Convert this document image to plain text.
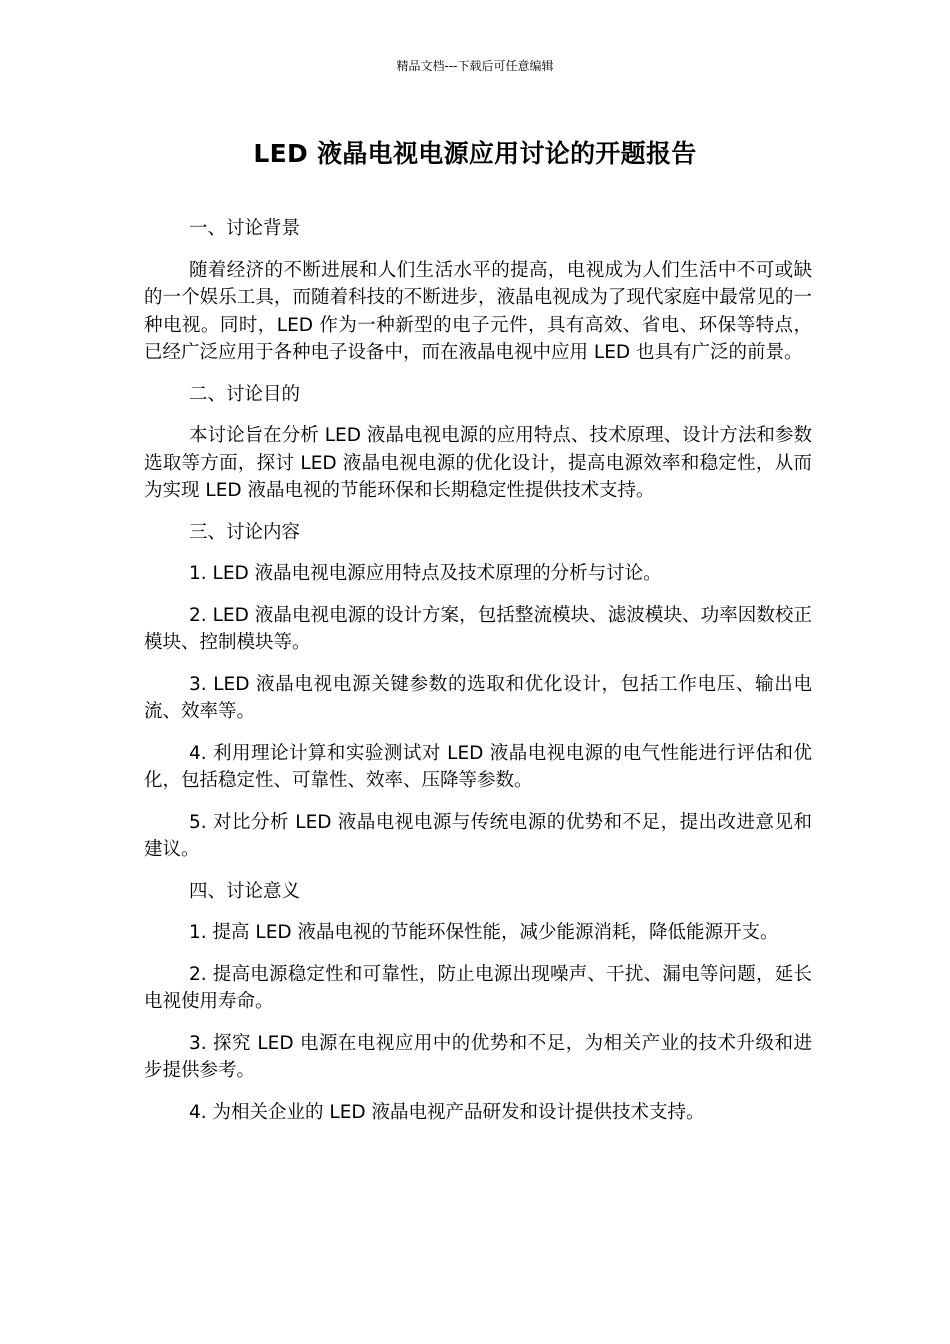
精品文档---下载后可任意编辑
LED 液晶电视电源应用讨论的开题报告

一、讨论背景

随着经济的不断进展和人们生活水平的提高，电视成为人们生活中不可或缺的一个娱乐工具，而随着科技的不断进步，液晶电视成为了现代家庭中最常见的一种电视。同时，LED 作为一种新型的电子元件，具有高效、省电、环保等特点，已经广泛应用于各种电子设备中，而在液晶电视中应用 LED 也具有广泛的前景。

二、讨论目的

本讨论旨在分析 LED 液晶电视电源的应用特点、技术原理、设计方法和参数选取等方面，探讨 LED 液晶电视电源的优化设计，提高电源效率和稳定性，从而为实现 LED 液晶电视的节能环保和长期稳定性提供技术支持。

三、讨论内容

1. LED 液晶电视电源应用特点及技术原理的分析与讨论。

2. LED 液晶电视电源的设计方案，包括整流模块、滤波模块、功率因数校正模块、控制模块等。

3. LED 液晶电视电源关键参数的选取和优化设计，包括工作电压、输出电流、效率等。

4. 利用理论计算和实验测试对 LED 液晶电视电源的电气性能进行评估和优化，包括稳定性、可靠性、效率、压降等参数。

5. 对比分析 LED 液晶电视电源与传统电源的优势和不足，提出改进意见和建议。

四、讨论意义

1. 提高 LED 液晶电视的节能环保性能，减少能源消耗，降低能源开支。

2. 提高电源稳定性和可靠性，防止电源出现噪声、干扰、漏电等问题，延长电视使用寿命。

3. 探究 LED 电源在电视应用中的优势和不足，为相关产业的技术升级和进步提供参考。

4. 为相关企业的 LED 液晶电视产品研发和设计提供技术支持。
